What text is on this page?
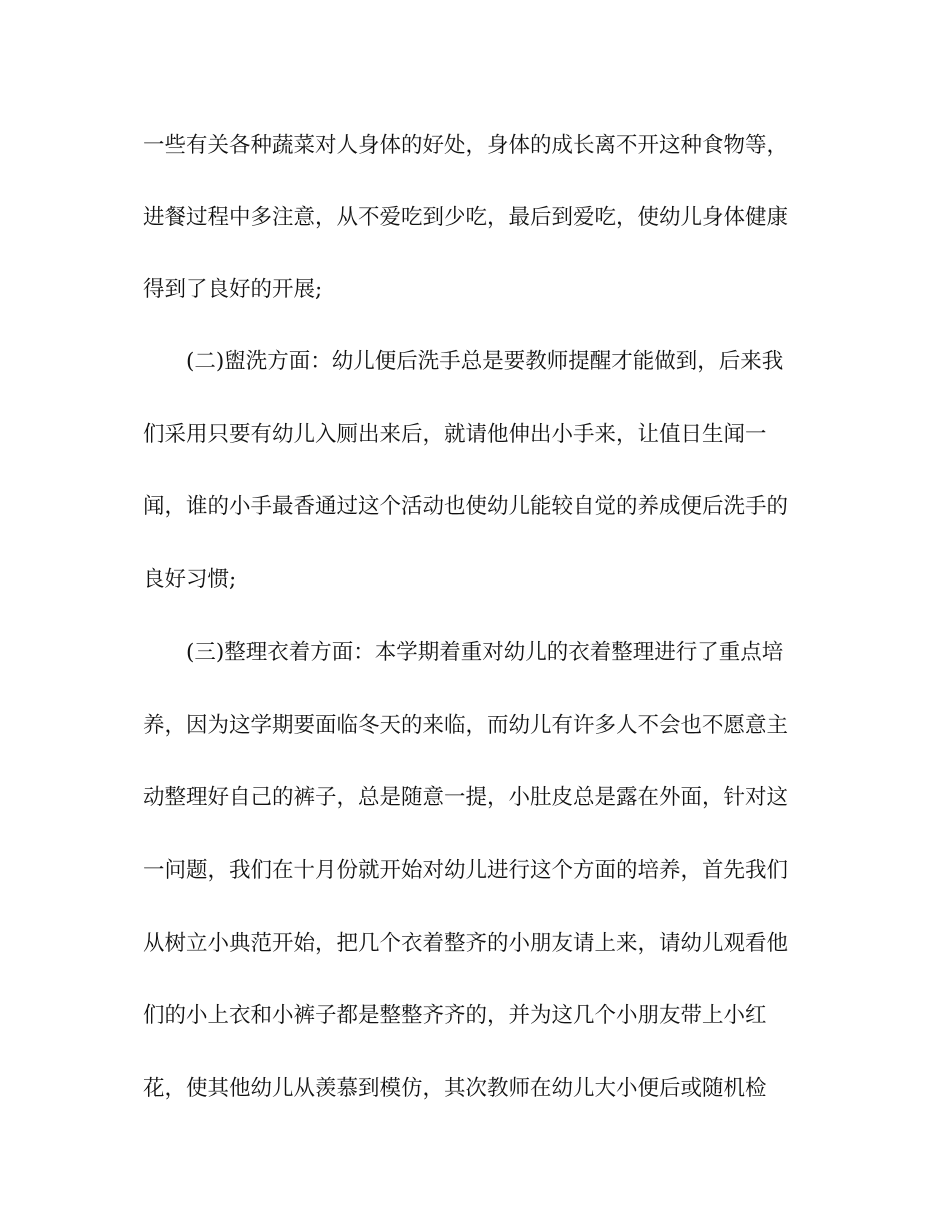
一些有关各种蔬菜对人身体的好处，身体的成长离不开这种食物等，
进餐过程中多注意，从不爱吃到少吃，最后到爱吃，使幼儿身体健康
得到了良好的开展;
(二)盥洗方面：幼儿便后洗手总是要教师提醒才能做到，后来我
们采用只要有幼儿入厕出来后，就请他伸出小手来，让值日生闻一
闻，谁的小手最香通过这个活动也使幼儿能较自觉的养成便后洗手的
良好习惯;
(三)整理衣着方面：本学期着重对幼儿的衣着整理进行了重点培
养，因为这学期要面临冬天的来临，而幼儿有许多人不会也不愿意主
动整理好自己的裤子，总是随意一提，小肚皮总是露在外面，针对这
一问题，我们在十月份就开始对幼儿进行这个方面的培养，首先我们
从树立小典范开始，把几个衣着整齐的小朋友请上来，请幼儿观看他
们的小上衣和小裤子都是整整齐齐的，并为这几个小朋友带上小红
花，使其他幼儿从羡慕到模仿，其次教师在幼儿大小便后或随机检
